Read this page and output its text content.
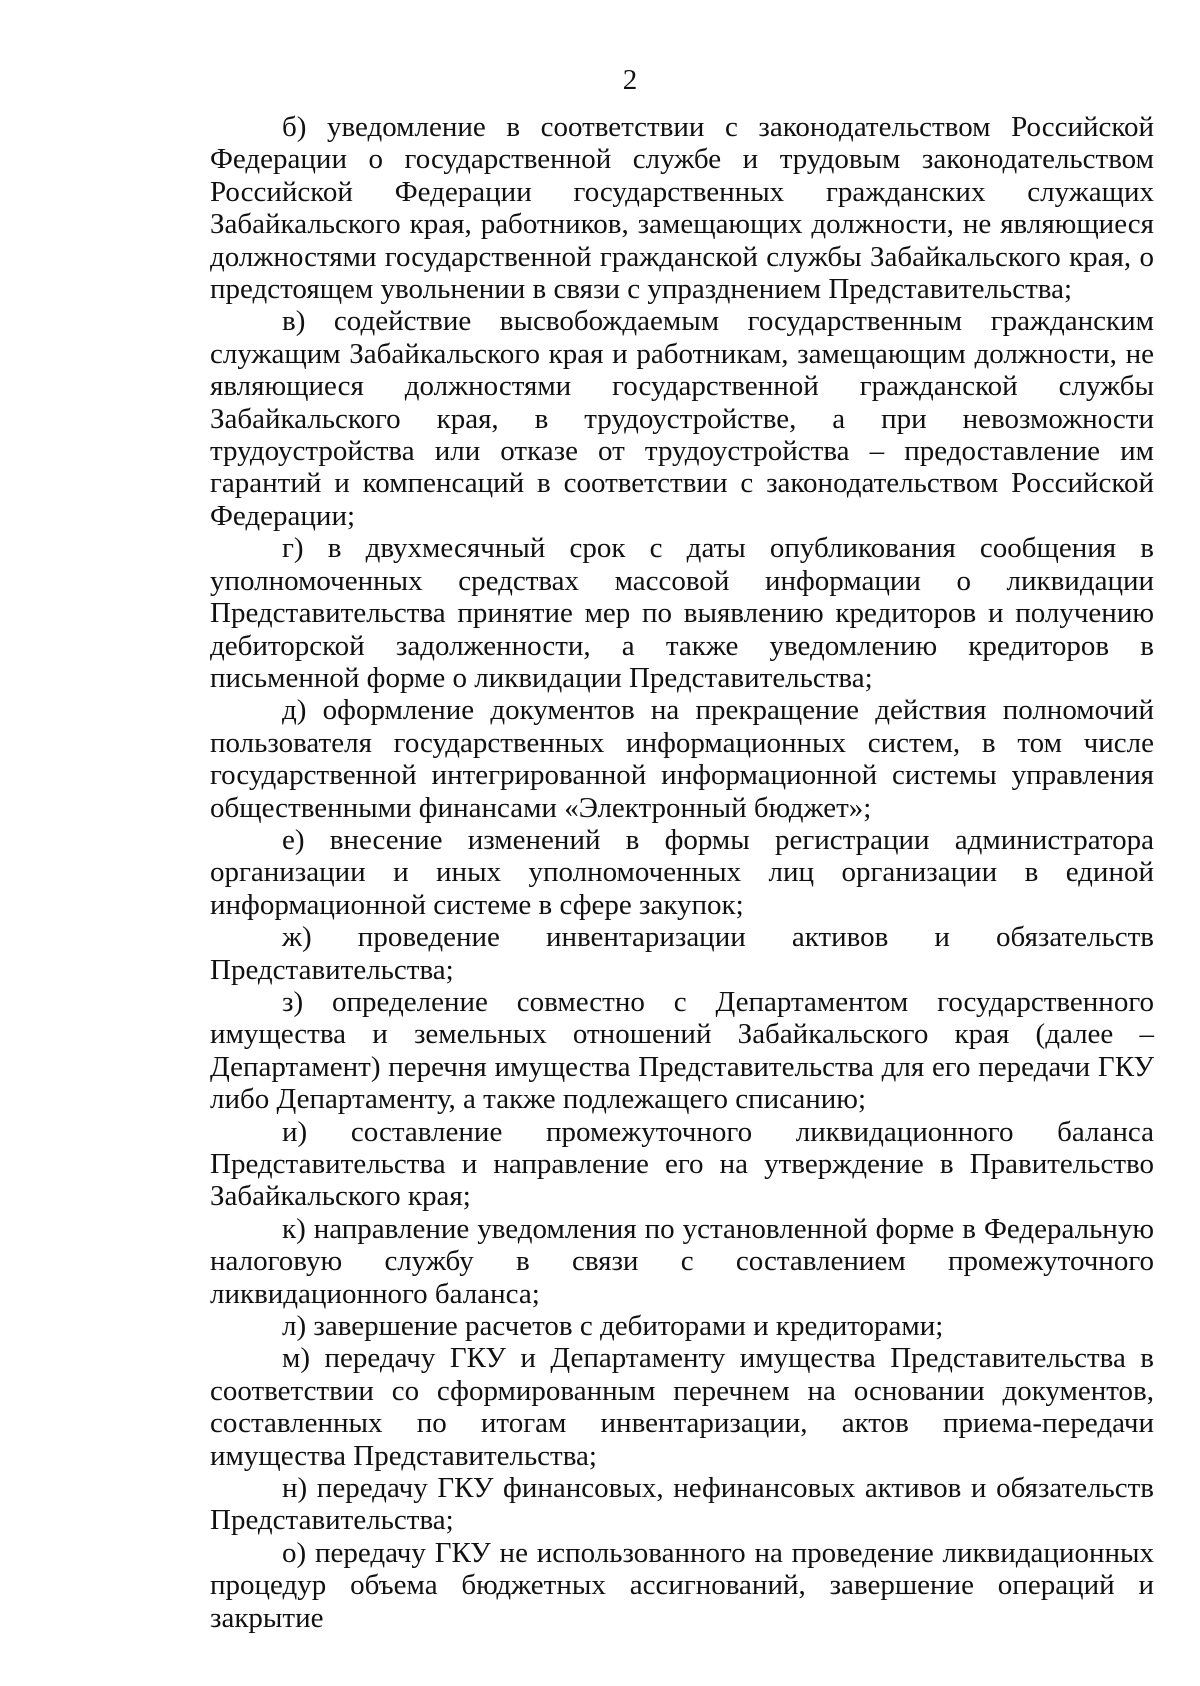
2

б) уведомление в соответствии с законодательством Российской Федерации о государственной службе и трудовым законодательством Российской Федерации государственных гражданских служащих Забайкальского края, работников, замещающих должности, не являющиеся должностями государственной гражданской службы Забайкальского края, о предстоящем увольнении в связи с упразднением Представительства;

в) содействие высвобождаемым государственным гражданским служащим Забайкальского края и работникам, замещающим должности, не являющиеся должностями государственной гражданской службы Забайкальского края, в трудоустройстве, а при невозможности трудоустройства или отказе от трудоустройства – предоставление им гарантий и компенсаций в соответствии с законодательством Российской Федерации;

г) в двухмесячный срок с даты опубликования сообщения в уполномоченных средствах массовой информации о ликвидации Представительства принятие мер по выявлению кредиторов и получению дебиторской задолженности, а также уведомлению кредиторов в письменной форме о ликвидации Представительства;

д) оформление документов на прекращение действия полномочий пользователя государственных информационных систем, в том числе государственной интегрированной информационной системы управления общественными финансами «Электронный бюджет»;

е) внесение изменений в формы регистрации администратора организации и иных уполномоченных лиц организации в единой информационной системе в сфере закупок;

ж) проведение инвентаризации активов и обязательств Представительства;

з) определение совместно с Департаментом государственного имущества и земельных отношений Забайкальского края (далее – Департамент) перечня имущества Представительства для его передачи ГКУ либо Департаменту, а также подлежащего списанию;

и) составление промежуточного ликвидационного баланса Представительства и направление его на утверждение в Правительство Забайкальского края;

к) направление уведомления по установленной форме в Федеральную налоговую службу в связи с составлением промежуточного ликвидационного баланса;

л) завершение расчетов с дебиторами и кредиторами;

м) передачу ГКУ и Департаменту имущества Представительства в соответствии со сформированным перечнем на основании документов, составленных по итогам инвентаризации, актов приема-передачи имущества Представительства;

н) передачу ГКУ финансовых, нефинансовых активов и обязательств Представительства;

о) передачу ГКУ не использованного на проведение ликвидационных процедур объема бюджетных ассигнований, завершение операций и закрытие
